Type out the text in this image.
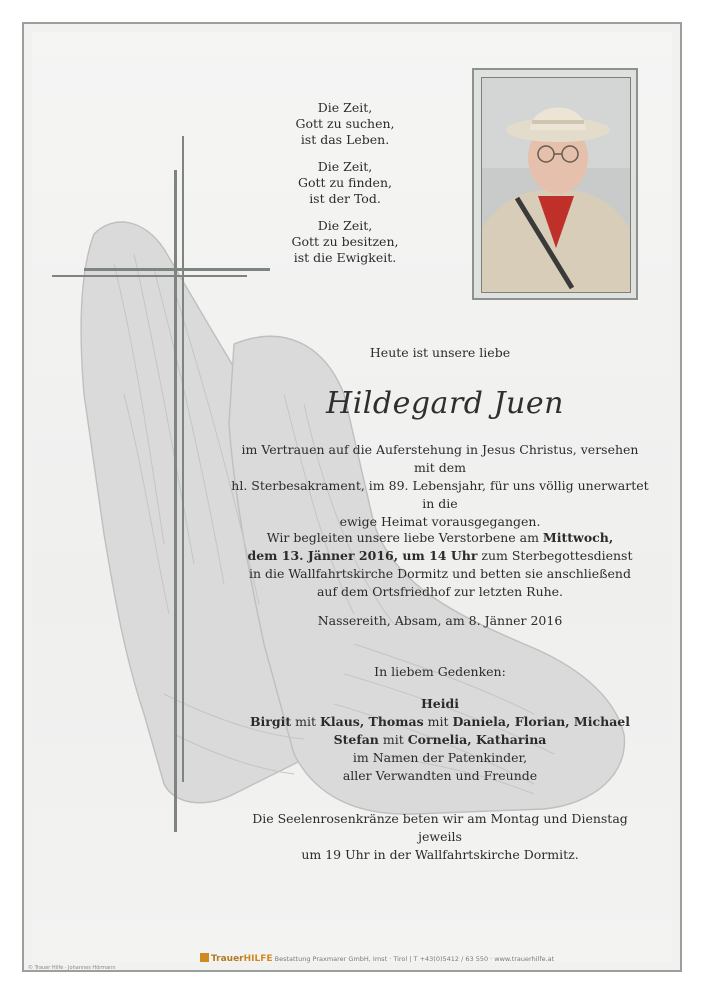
Die Zeit,
Gott zu suchen,
ist das Leben.

Die Zeit,
Gott zu finden,
ist der Tod.

Die Zeit,
Gott zu besitzen,
ist die Ewigkeit.

Heute ist unsere liebe
Hildegard Juen
im Vertrauen auf die Auferstehung in Jesus Christus, versehen mit dem
hl. Sterbesakrament, im 89. Lebensjahr, für uns völlig unerwartet in die
ewige Heimat vorausgegangen.
Wir begleiten unsere liebe Verstorbene am Mittwoch,
dem 13. Jänner 2016, um 14 Uhr zum Sterbegottesdienst
in die Wallfahrtskirche Dormitz und betten sie anschließend
auf dem Ortsfriedhof zur letzten Ruhe.
Nassereith, Absam, am 8. Jänner 2016
In liebem Gedenken:
Heidi
Birgit mit Klaus, Thomas mit Daniela, Florian, Michael
Stefan mit Cornelia, Katharina
im Namen der Patenkinder,
aller Verwandten und Freunde
Die Seelenrosenkränze beten wir am Montag und Dienstag jeweils
um 19 Uhr in der Wallfahrtskirche Dormitz.
TrauerHILFE Bestattung Praxmarer GmbH, Imst · Tirol | T +43(0)5412 / 63 550 · www.trauerhilfe.at
© Trauer Hilfe · Johannes Hörmann
